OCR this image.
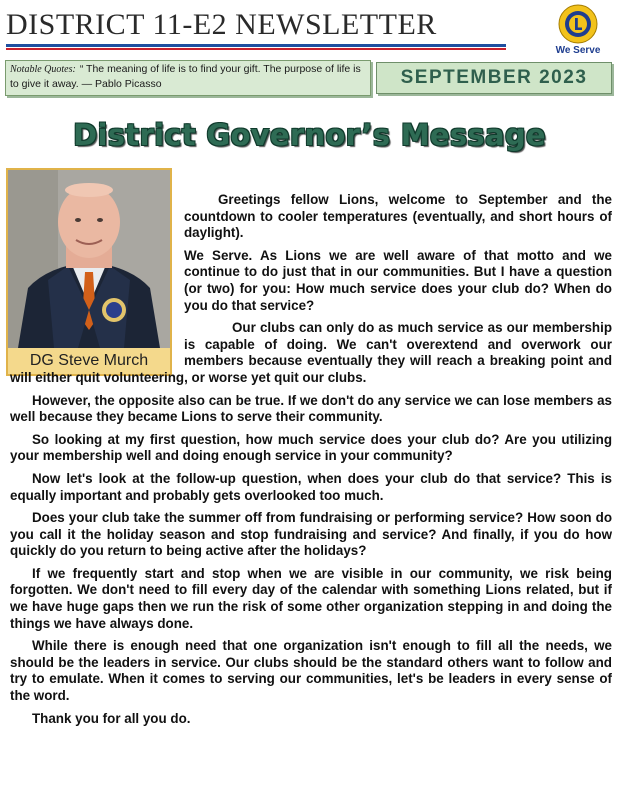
DISTRICT 11-E2 NEWSLETTER
We Serve
Notable Quotes: “ The meaning of life is to find your gift. The purpose of life is to give it away. — Pablo Picasso	SEPTEMBER 2023
District Governor’s Message
DG Steve Murch

Greetings fellow Lions, welcome to September and the countdown to cooler temperatures (eventually, and short hours of daylight).

We Serve. As Lions we are well aware of that motto and we continue to do just that in our communities. But I have a question (or two) for you: How much service does your club do? When do you do that service?

Our clubs can only do as much service as our membership is capable of doing. We can't overextend and overwork our members because eventually they will reach a breaking point and will either quit volunteering, or worse yet quit our clubs.

However, the opposite also can be true. If we don't do any service we can lose members as well because they became Lions to serve their community.

So looking at my first question, how much service does your club do? Are you utilizing your membership well and doing enough service in your community?

Now let's look at the follow-up question, when does your club do that service? This is equally important and probably gets overlooked too much.

Does your club take the summer off from fundraising or performing service? How soon do you call it the holiday season and stop fundraising and service? And finally, if you do how quickly do you return to being active after the holidays?

If we frequently start and stop when we are visible in our community, we risk being forgotten. We don't need to fill every day of the calendar with something Lions related, but if we have huge gaps then we run the risk of some other organization stepping in and doing the things we have always done.

While there is enough need that one organization isn't enough to fill all the needs, we should be the leaders in service. Our clubs should be the standard others want to follow and try to emulate. When it comes to serving our communities, let's be leaders in every sense of the word.

Thank you for all you do.
